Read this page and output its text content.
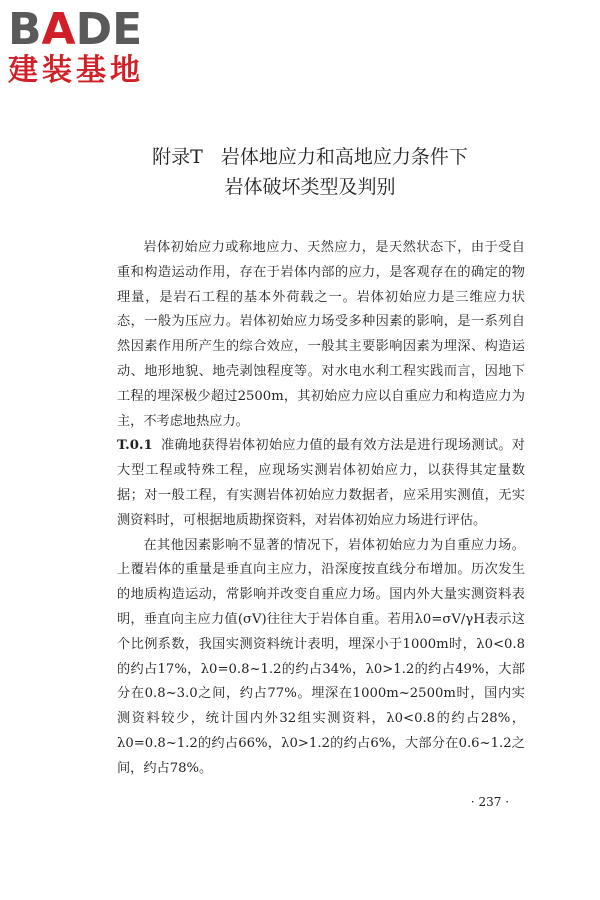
BADE
建装基地
附录T 岩体地应力和高地应力条件下
岩体破坏类型及判别

岩体初始应力或称地应力、天然应力，是天然状态下，由于受自重和构造运动作用，存在于岩体内部的应力，是客观存在的确定的物理量，是岩石工程的基本外荷载之一。岩体初始应力是三维应力状态，一般为压应力。岩体初始应力场受多种因素的影响，是一系列自然因素作用所产生的综合效应，一般其主要影响因素为埋深、构造运动、地形地貌、地壳剥蚀程度等。对水电水利工程实践而言，因地下工程的埋深极少超过2500m，其初始应力应以自重应力和构造应力为主，不考虑地热应力。

T.0.1 准确地获得岩体初始应力值的最有效方法是进行现场测试。对大型工程或特殊工程，应现场实测岩体初始应力，以获得其定量数据；对一般工程，有实测岩体初始应力数据者，应采用实测值，无实测资料时，可根据地质勘探资料，对岩体初始应力场进行评估。

在其他因素影响不显著的情况下，岩体初始应力为自重应力场。上覆岩体的重量是垂直向主应力，沿深度按直线分布增加。历次发生的地质构造运动，常影响并改变自重应力场。国内外大量实测资料表明，垂直向主应力值(σV)往往大于岩体自重。若用λ0=σV/γH表示这个比例系数，我国实测资料统计表明，埋深小于1000m时，λ0<0.8的约占17%，λ0=0.8~1.2的约占34%，λ0>1.2的约占49%，大部分在0.8~3.0之间，约占77%。埋深在1000m~2500m时，国内实测资料较少，统计国内外32组实测资料，λ0<0.8的约占28%，λ0=0.8~1.2的约占66%，λ0>1.2的约占6%，大部分在0.6~1.2之间，约占78%。

· 237 ·
